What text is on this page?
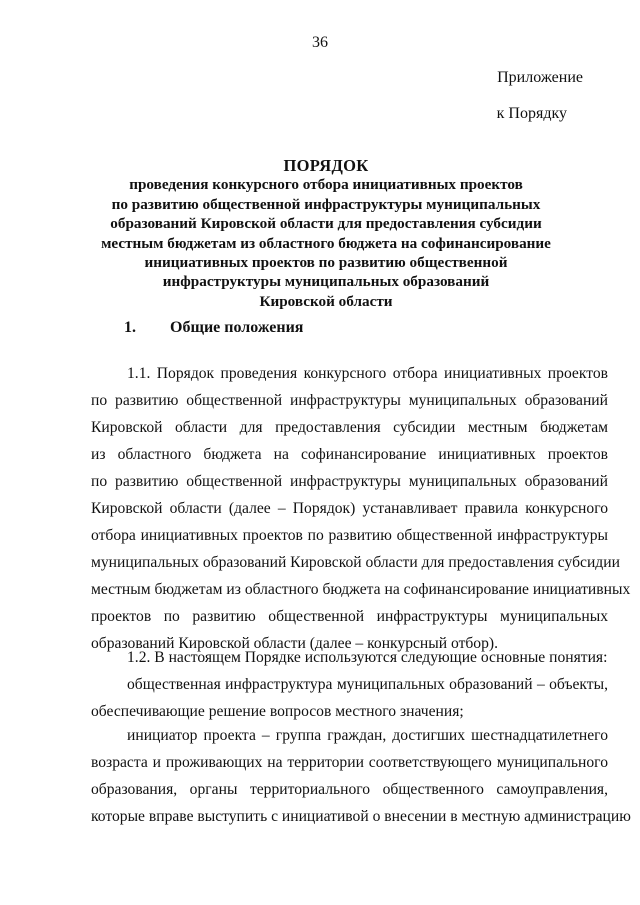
36
Приложение
к Порядку
ПОРЯДОК
проведения конкурсного отбора инициативных проектов
по развитию общественной инфраструктуры муниципальных
образований Кировской области для предоставления субсидии
местным бюджетам из областного бюджета на софинансирование
инициативных проектов по развитию общественной
инфраструктуры муниципальных образований
Кировской области
1. Общие положения
1.1. Порядок проведения конкурсного отбора инициативных проектов
по развитию общественной инфраструктуры муниципальных образований
Кировской области для предоставления субсидии местным бюджетам
из областного бюджета на софинансирование инициативных проектов
по развитию общественной инфраструктуры муниципальных образований
Кировской области (далее – Порядок) устанавливает правила конкурсного
отбора инициативных проектов по развитию общественной инфраструктуры
муниципальных образований Кировской области для предоставления субсидии
местным бюджетам из областного бюджета на софинансирование инициативных
проектов по развитию общественной инфраструктуры муниципальных
образований Кировской области (далее – конкурсный отбор).
1.2. В настоящем Порядке используются следующие основные понятия:
общественная инфраструктура муниципальных образований – объекты,
обеспечивающие решение вопросов местного значения;
инициатор проекта – группа граждан, достигших шестнадцатилетнего
возраста и проживающих на территории соответствующего муниципального
образования, органы территориального общественного самоуправления,
которые вправе выступить с инициативой о внесении в местную администрацию
